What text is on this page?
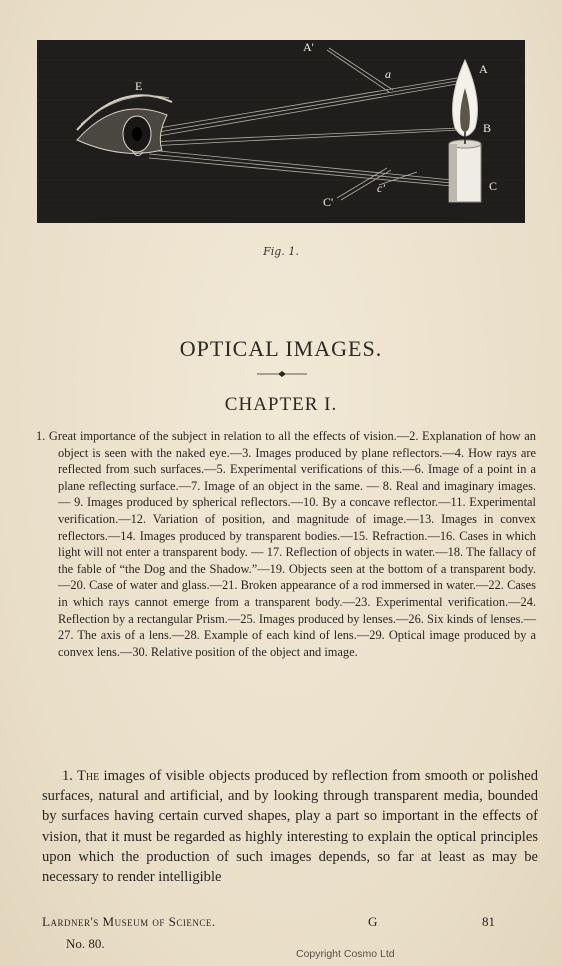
A'
a	A
E
B
C
C'
c'
Fig. 1.
OPTICAL IMAGES.
CHAPTER I.
1. Great importance of the subject in relation to all the effects of vision.—2. Explanation of how an object is seen with the naked eye.—3. Images produced by plane reflectors.—4. How rays are reflected from such surfaces.—5. Experimental verifications of this.—6. Image of a point in a plane reflecting surface.—7. Image of an object in the same. — 8. Real and imaginary images. — 9. Images produced by spherical reflectors.—10. By a concave reflector.—11. Experimental verification.—12. Variation of position, and magnitude of image.—13. Images in convex reflectors.—14. Images produced by transparent bodies.—15. Refraction.—16. Cases in which light will not enter a transparent body. — 17. Reflection of objects in water.—18. The fallacy of the fable of “the Dog and the Shadow.”—19. Objects seen at the bottom of a transparent body.—20. Case of water and glass.—21. Broken appearance of a rod immersed in water.—22. Cases in which rays cannot emerge from a transparent body.—23. Experimental verification.—24. Reflection by a rectangular Prism.—25. Images produced by lenses.—26. Six kinds of lenses.—27. The axis of a lens.—28. Example of each kind of lens.—29. Optical image produced by a convex lens.—30. Relative position of the object and image.
1. The images of visible objects produced by reflection from smooth or polished surfaces, natural and artificial, and by looking through transparent media, bounded by surfaces having certain curved shapes, play a part so important in the effects of vision, that it must be regarded as highly interesting to explain the optical principles upon which the production of such images depends, so far at least as may be necessary to render intelligible
Lardner's Museum of Science.	G	81
No. 80.
Copyright Cosmo Ltd
